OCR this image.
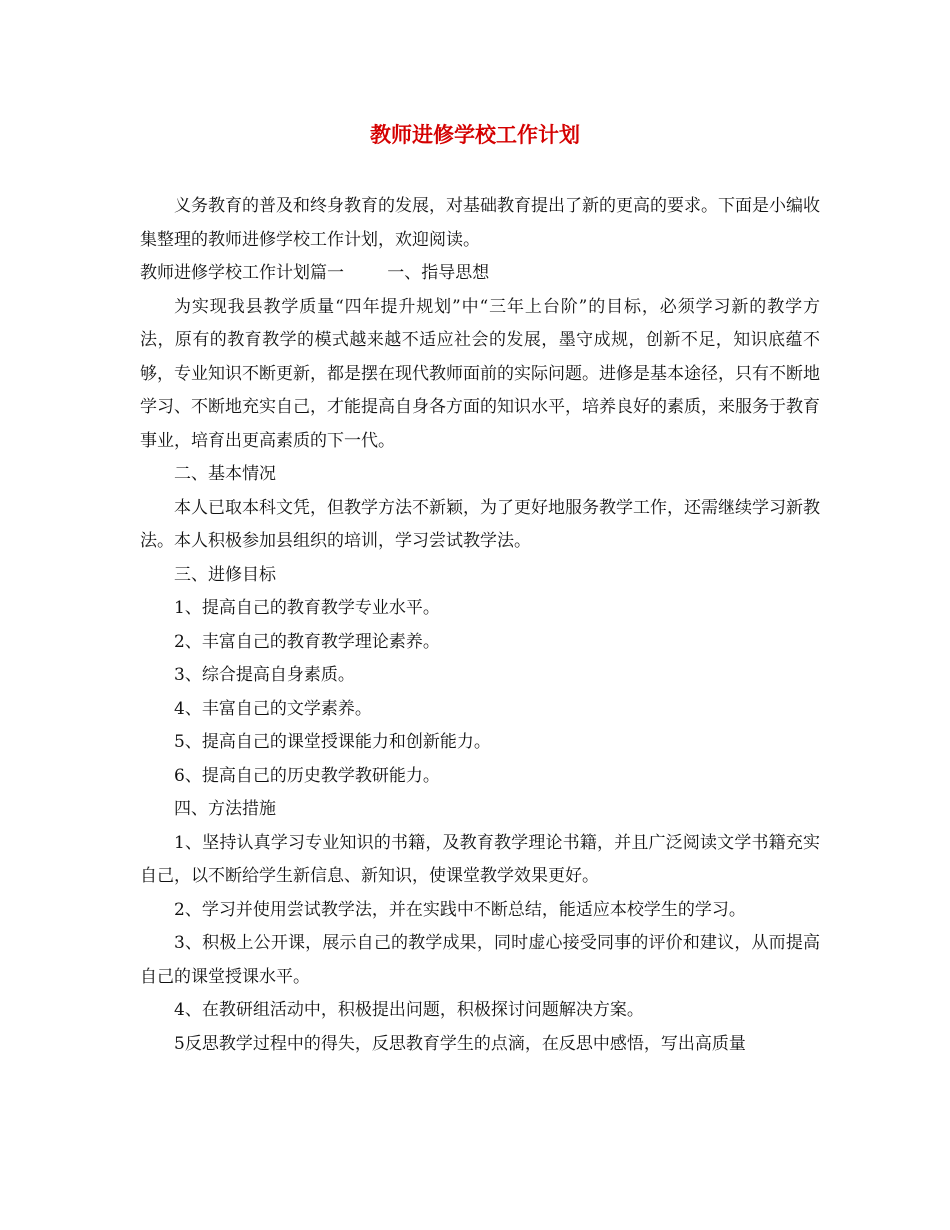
教师进修学校工作计划

义务教育的普及和终身教育的发展，对基础教育提出了新的更高的要求。下面是小编收集整理的教师进修学校工作计划，欢迎阅读。

教师进修学校工作计划篇一	一、指导思想

为实现我县教学质量“四年提升规划”中“三年上台阶”的目标，必须学习新的教学方法，原有的教育教学的模式越来越不适应社会的发展，墨守成规，创新不足，知识底蕴不够，专业知识不断更新，都是摆在现代教师面前的实际问题。进修是基本途径，只有不断地学习、不断地充实自己，才能提高自身各方面的知识水平，培养良好的素质，来服务于教育事业，培育出更高素质的下一代。

二、基本情况

本人已取本科文凭，但教学方法不新颖，为了更好地服务教学工作，还需继续学习新教法。本人积极参加县组织的培训，学习尝试教学法。

三、进修目标

1、提高自己的教育教学专业水平。

2、丰富自己的教育教学理论素养。

3、综合提高自身素质。

4、丰富自己的文学素养。

5、提高自己的课堂授课能力和创新能力。

6、提高自己的历史教学教研能力。

四、方法措施

1、坚持认真学习专业知识的书籍，及教育教学理论书籍，并且广泛阅读文学书籍充实自己，以不断给学生新信息、新知识，使课堂教学效果更好。

2、学习并使用尝试教学法，并在实践中不断总结，能适应本校学生的学习。

3、积极上公开课，展示自己的教学成果，同时虚心接受同事的评价和建议，从而提高自己的课堂授课水平。

4、在教研组活动中，积极提出问题，积极探讨问题解决方案。

5反思教学过程中的得失，反思教育学生的点滴，在反思中感悟，写出高质量
